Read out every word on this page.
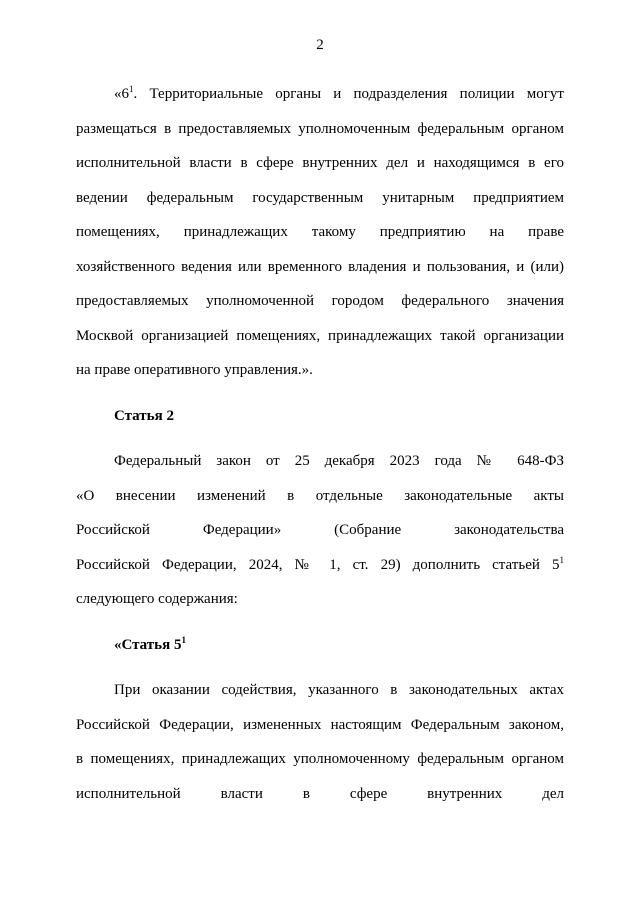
2
«$6^1$. Территориальные органы и подразделения полиции могут
размещаться в предоставляемых уполномоченным федеральным органом
исполнительной власти в сфере внутренних дел и находящимся в его
ведении федеральным государственным унитарным предприятием
помещениях, принадлежащих такому предприятию на праве
хозяйственного ведения или временного владения и пользования, и (или)
предоставляемых уполномоченной городом федерального значения
Москвой организацией помещениях, принадлежащих такой организации
на праве оперативного управления.».
Статья 2
Федеральный закон от 25 декабря 2023 года № 648-ФЗ
«О внесении изменений в отдельные законодательные акты
Российской Федерации» (Собрание законодательства
Российской Федерации, 2024, № 1, ст. 29) дополнить статьей $5^1$
следующего содержания:
«Статья $5^1$
При оказании содействия, указанного в законодательных актах
Российской Федерации, измененных настоящим Федеральным законом,
в помещениях, принадлежащих уполномоченному федеральным органом
исполнительной власти в сфере внутренних дел
